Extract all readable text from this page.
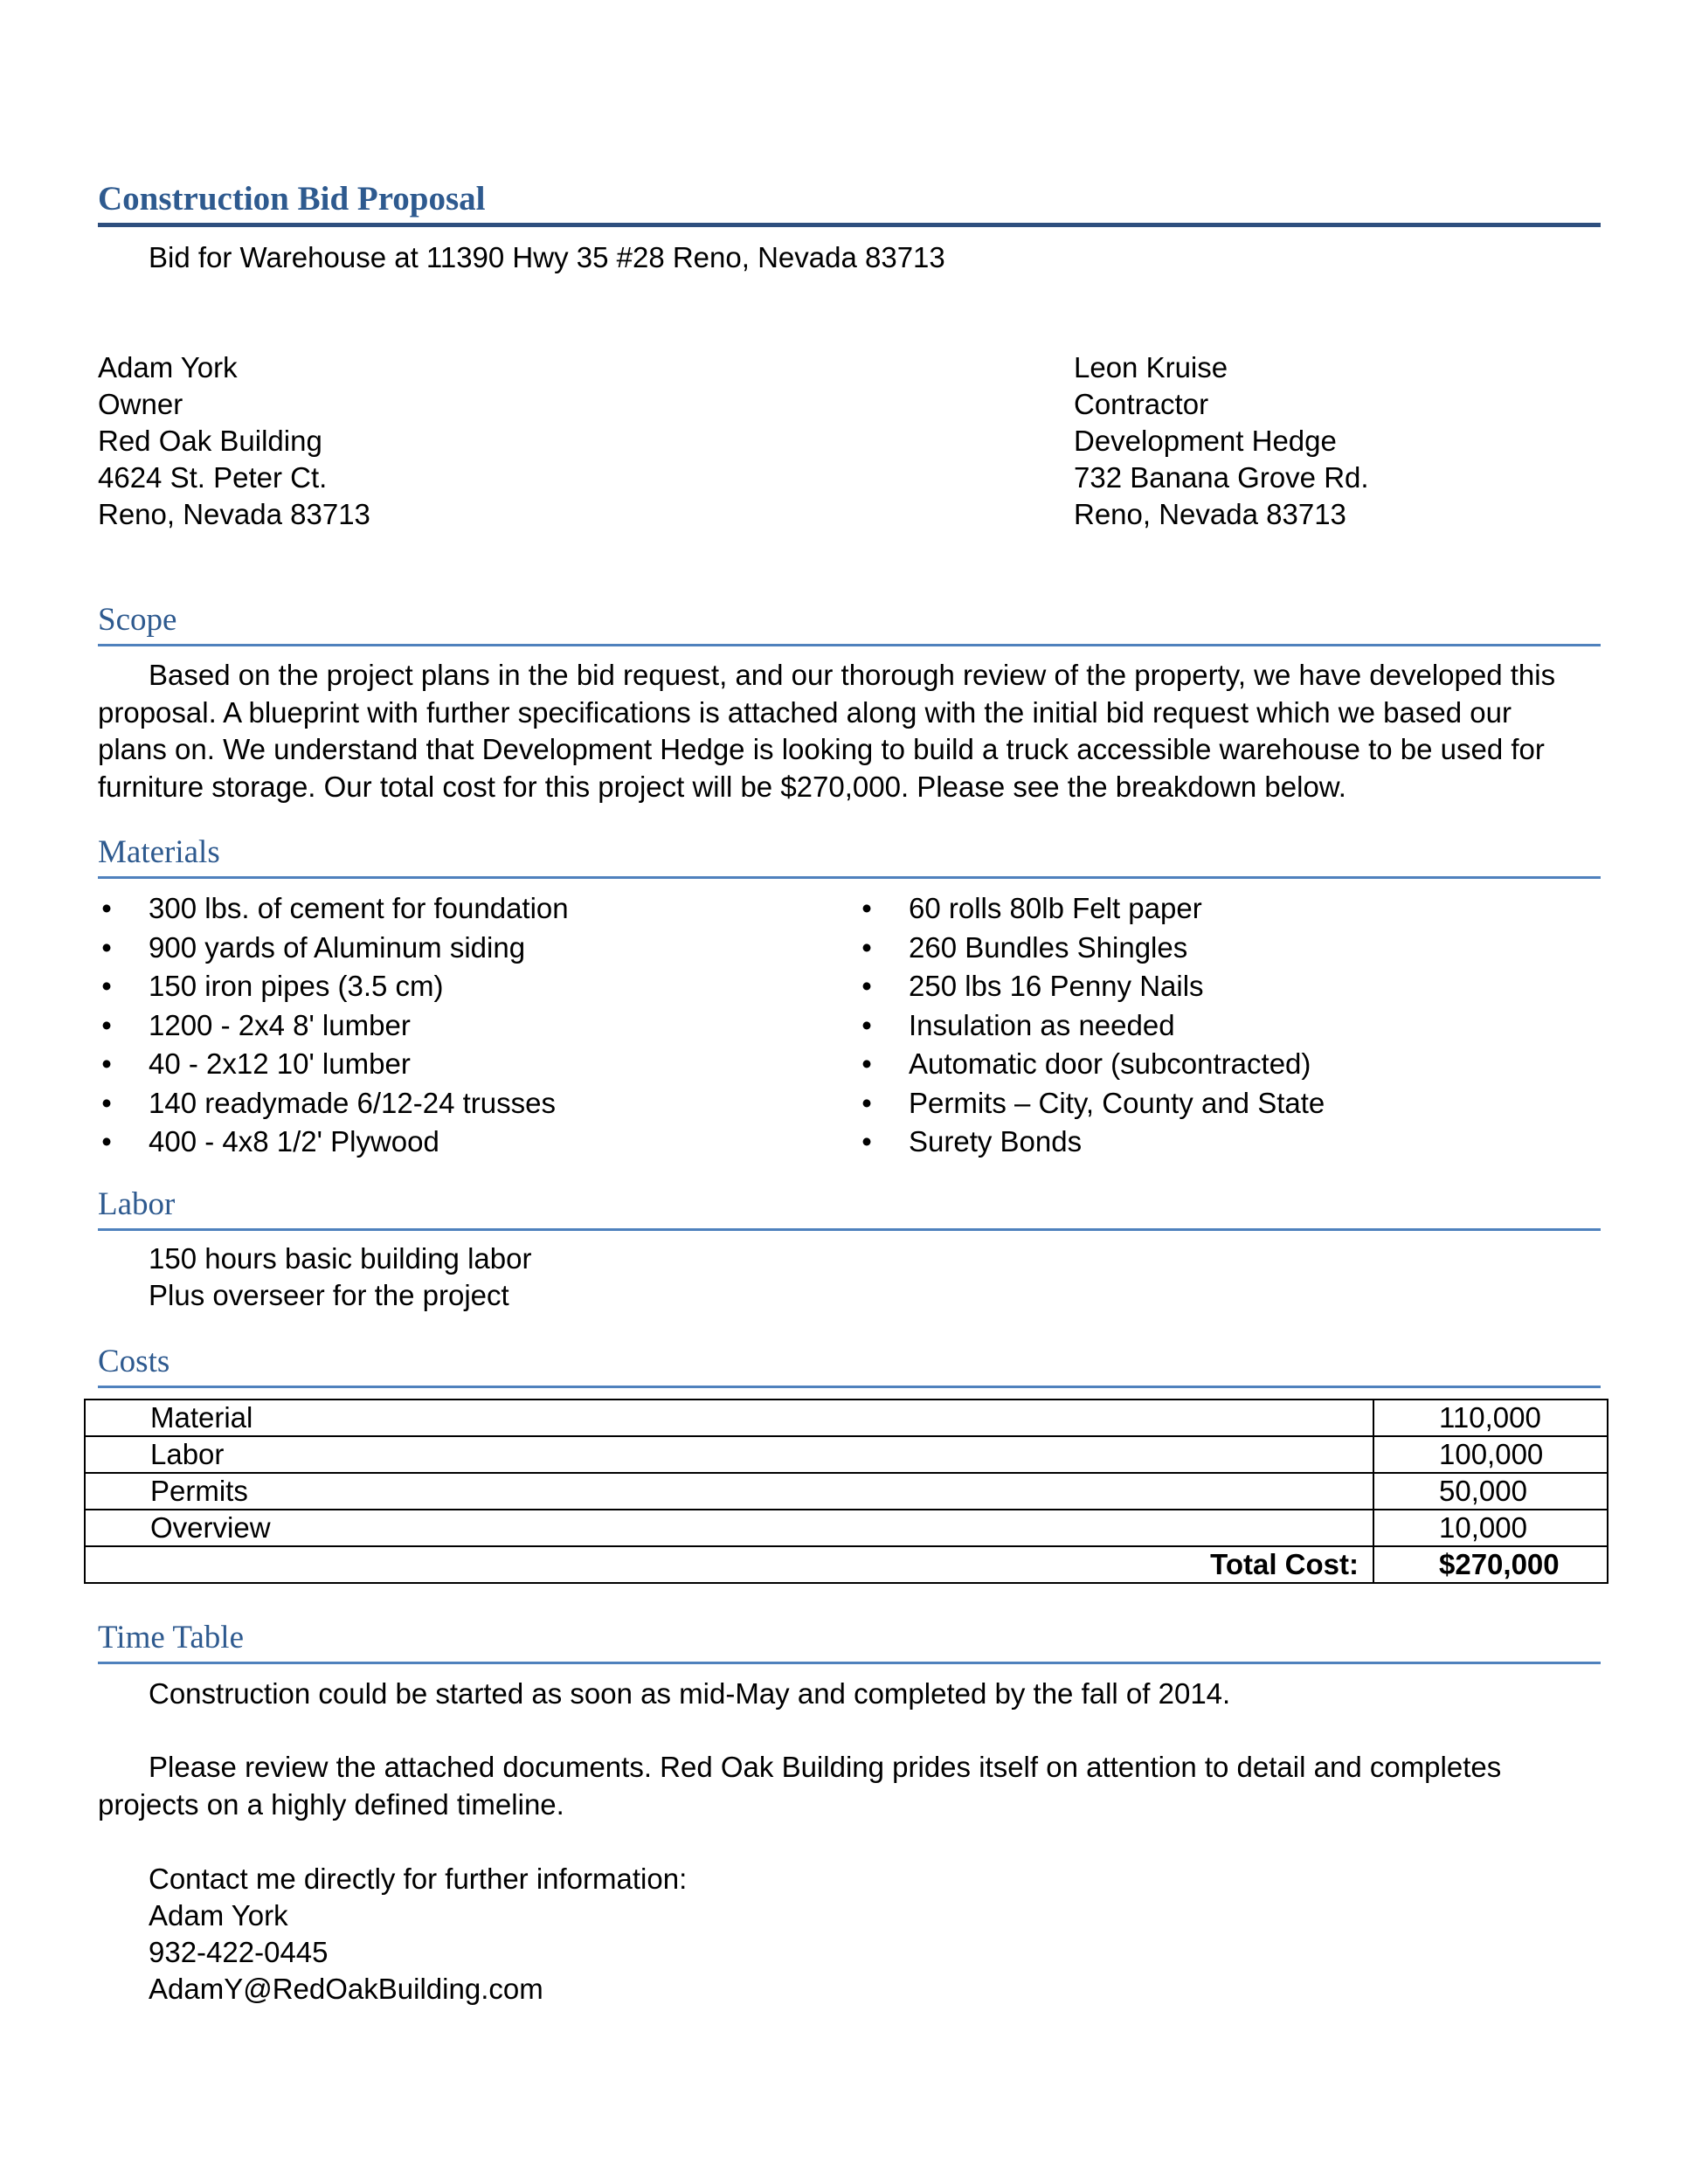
Construction Bid Proposal
Bid for Warehouse at 11390 Hwy 35 #28 Reno, Nevada 83713
Adam York
Owner
Red Oak Building
4624 St. Peter Ct.
Reno, Nevada 83713
Leon Kruise
Contractor
Development Hedge
732 Banana Grove Rd.
Reno, Nevada 83713
Scope
Based on the project plans in the bid request, and our thorough review of the property, we have developed this proposal. A blueprint with further specifications is attached along with the initial bid request which we based our plans on. We understand that Development Hedge is looking to build a truck accessible warehouse to be used for furniture storage. Our total cost for this project will be $270,000. Please see the breakdown below.
Materials
• 300 lbs. of cement for foundation
• 900 yards of Aluminum siding
• 150 iron pipes (3.5 cm)
• 1200 - 2x4 8' lumber
• 40 - 2x12 10' lumber
• 140 readymade 6/12-24 trusses
• 400 - 4x8 1/2' Plywood
• 60 rolls 80lb Felt paper
• 260 Bundles Shingles
• 250 lbs 16 Penny Nails
• Insulation as needed
• Automatic door (subcontracted)
• Permits – City, County and State
• Surety Bonds
Labor
150 hours basic building labor
Plus overseer for the project
Costs
Material	110,000
Labor	100,000
Permits	50,000
Overview	10,000
Total Cost:	$270,000
Time Table
Construction could be started as soon as mid-May and completed by the fall of 2014.
Please review the attached documents. Red Oak Building prides itself on attention to detail and completes projects on a highly defined timeline.
Contact me directly for further information:
Adam York
932-422-0445
AdamY@RedOakBuilding.com
